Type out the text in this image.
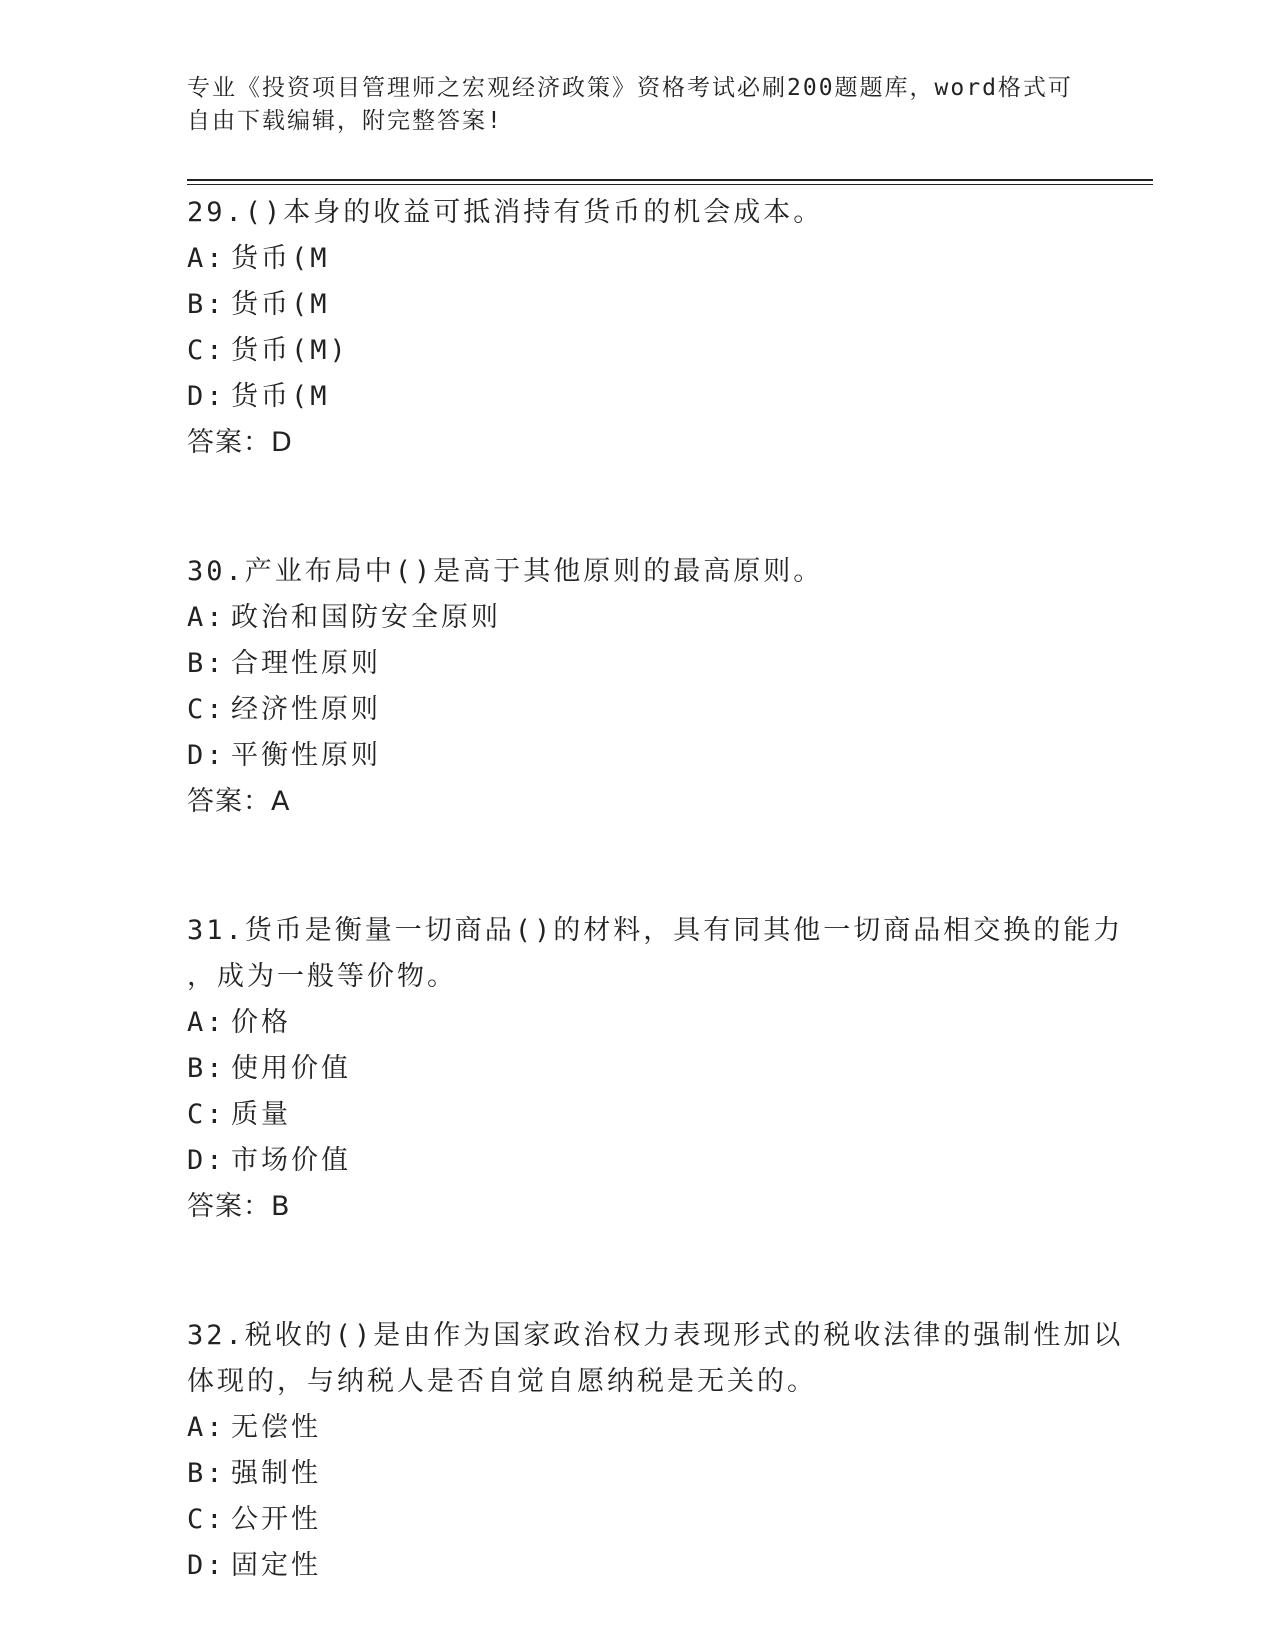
专业《投资项目管理师之宏观经济政策》资格考试必刷200题题库，word格式可
自由下载编辑，附完整答案!
29.()本身的收益可抵消持有货币的机会成本。
A: 货币(M
B: 货币(M
C: 货币(M)
D: 货币(M
答案：D
30.产业布局中()是高于其他原则的最高原则。
A: 政治和国防安全原则
B: 合理性原则
C: 经济性原则
D: 平衡性原则
答案：A
31.货币是衡量一切商品()的材料，具有同其他一切商品相交换的能力
，成为一般等价物。
A: 价格
B: 使用价值
C: 质量
D: 市场价值
答案：B
32.税收的()是由作为国家政治权力表现形式的税收法律的强制性加以
体现的，与纳税人是否自觉自愿纳税是无关的。
A: 无偿性
B: 强制性
C: 公开性
D: 固定性
